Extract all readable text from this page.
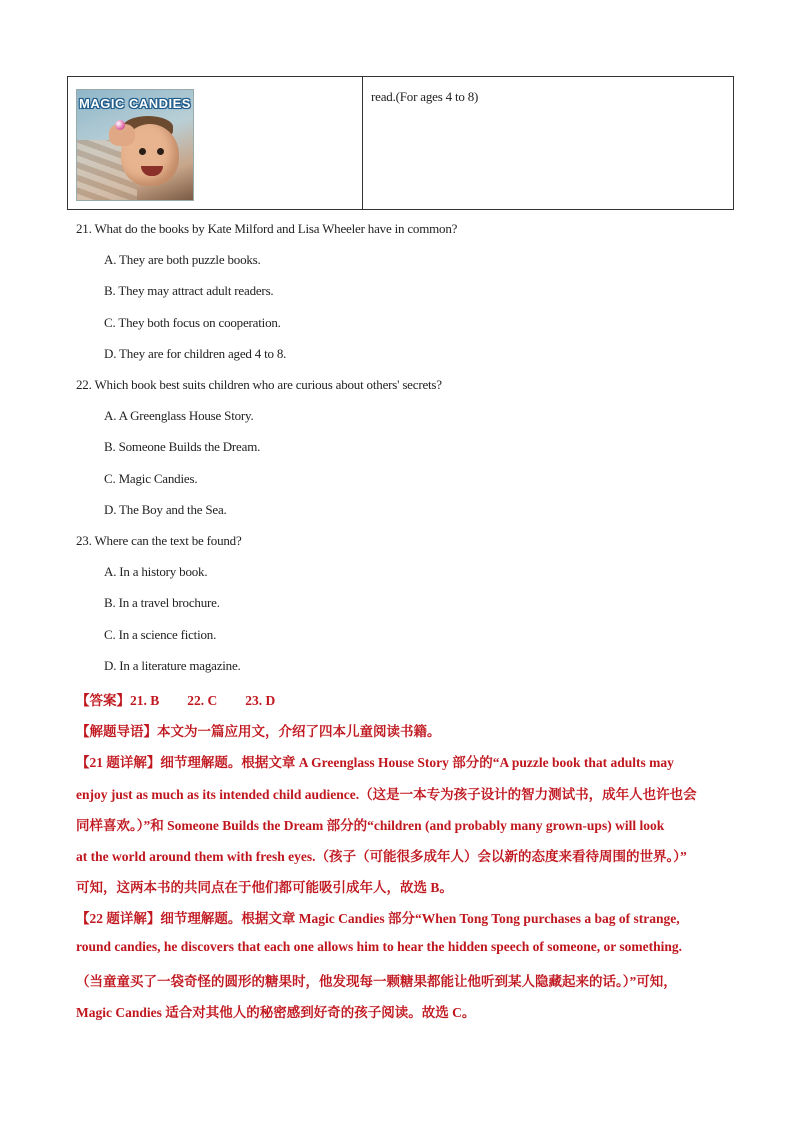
MAGIC CANDIES	read.(For ages 4 to 8)
21. What do the books by Kate Milford and Lisa Wheeler have in common?
A. They are both puzzle books.
B. They may attract adult readers.
C. They both focus on cooperation.
D. They are for children aged 4 to 8.
22. Which book best suits children who are curious about others' secrets?
A. A Greenglass House Story.
B. Someone Builds the Dream.
C. Magic Candies.
D. The Boy and the Sea.
23. Where can the text be found?
A. In a history book.
B. In a travel brochure.
C. In a science fiction.
D. In a literature magazine.
【答案】21. B 22. C 23. D
【解题导语】本文为一篇应用文，介绍了四本儿童阅读书籍。
【21 题详解】细节理解题。根据文章 A Greenglass House Story 部分的“A puzzle book that adults may
enjoy just as much as its intended child audience.（这是一本专为孩子设计的智力测试书，成年人也许也会
同样喜欢。）”和 Someone Builds the Dream 部分的“children (and probably many grown-ups) will look
at the world around them with fresh eyes.（孩子（可能很多成年人）会以新的态度来看待周围的世界。）”
可知，这两本书的共同点在于他们都可能吸引成年人，故选 B。
【22 题详解】细节理解题。根据文章 Magic Candies 部分“When Tong Tong purchases a bag of strange,
round candies, he discovers that each one allows him to hear the hidden speech of someone, or something.
（当童童买了一袋奇怪的圆形的糖果时，他发现每一颗糖果都能让他听到某人隐藏起来的话。）”可知，
Magic Candies 适合对其他人的秘密感到好奇的孩子阅读。故选 C。
